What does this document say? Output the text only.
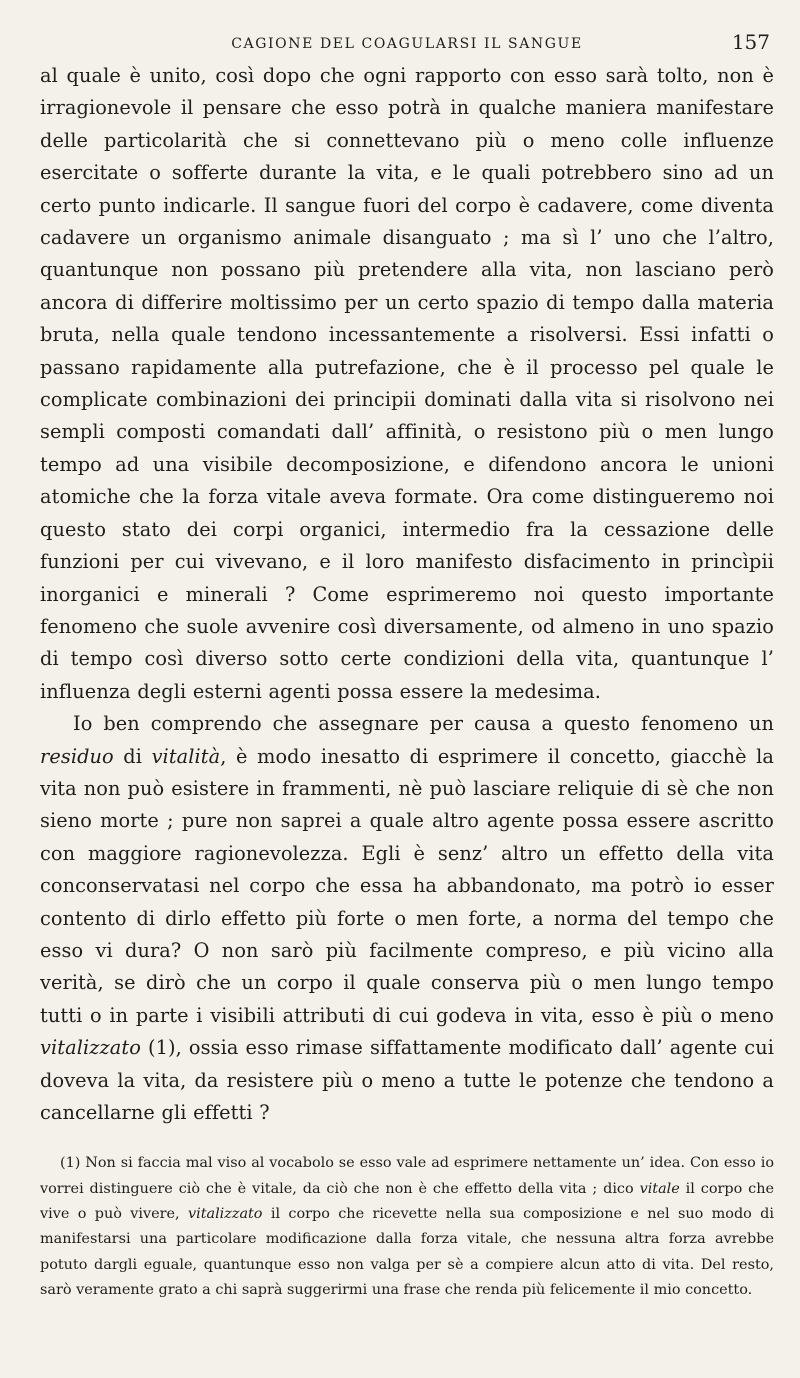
CAGIONE DEL COAGULARSI IL SANGUE	157

al quale è unito, così dopo che ogni rapporto con esso sarà tolto, non è irragionevole il pensare che esso potrà in qualche maniera manifestare delle particolarità che si connettevano più o meno colle influenze esercitate o sofferte durante la vita, e le quali potrebbero sino ad un certo punto indicarle. Il sangue fuori del corpo è cadavere, come diventa cadavere un organismo animale disanguato ; ma sì l’ uno che l’altro, quantunque non possano più pretendere alla vita, non lasciano però ancora di differire moltissimo per un certo spazio di tempo dalla materia bruta, nella quale tendono incessantemente a risolversi. Essi infatti o passano rapidamente alla putrefazione, che è il processo pel quale le complicate combinazioni dei principii dominati dalla vita si risolvono nei sempli composti comandati dall’ affinità, o resistono più o men lungo tempo ad una visibile decomposizione, e difendono ancora le unioni atomiche che la forza vitale aveva formate. Ora come distingueremo noi questo stato dei corpi organici, intermedio fra la cessazione delle funzioni per cui vivevano, e il loro manifesto disfacimento in princìpii inorganici e minerali ? Come esprimeremo noi questo importante fenomeno che suole avvenire così diversamente, od almeno in uno spazio di tempo così diverso sotto certe condizioni della vita, quantunque l’ influenza degli esterni agenti possa essere la medesima.

Io ben comprendo che assegnare per causa a questo fenomeno un residuo di vitalità, è modo inesatto di esprimere il concetto, giacchè la vita non può esistere in frammenti, nè può lasciare reliquie di sè che non sieno morte ; pure non saprei a quale altro agente possa essere ascritto con maggiore ragionevolezza. Egli è senz’ altro un effetto della vita conconservatasi nel corpo che essa ha abbandonato, ma potrò io esser contento di dirlo effetto più forte o men forte, a norma del tempo che esso vi dura? O non sarò più facilmente compreso, e più vicino alla verità, se dirò che un corpo il quale conserva più o men lungo tempo tutti o in parte i visibili attributi di cui godeva in vita, esso è più o meno vitalizzato (1), ossia esso rimase siffattamente modificato dall’ agente cui doveva la vita, da resistere più o meno a tutte le potenze che tendono a cancellarne gli effetti ?

(1) Non si faccia mal viso al vocabolo se esso vale ad esprimere nettamente un’ idea. Con esso io vorrei distinguere ciò che è vitale, da ciò che non è che effetto della vita ; dico vitale il corpo che vive o può vivere, vitalizzato il corpo che ricevette nella sua composizione e nel suo modo di manifestarsi una particolare modificazione dalla forza vitale, che nessuna altra forza avrebbe potuto dargli eguale, quantunque esso non valga per sè a compiere alcun atto di vita. Del resto, sarò veramente grato a chi saprà suggerirmi una frase che renda più felicemente il mio concetto.
